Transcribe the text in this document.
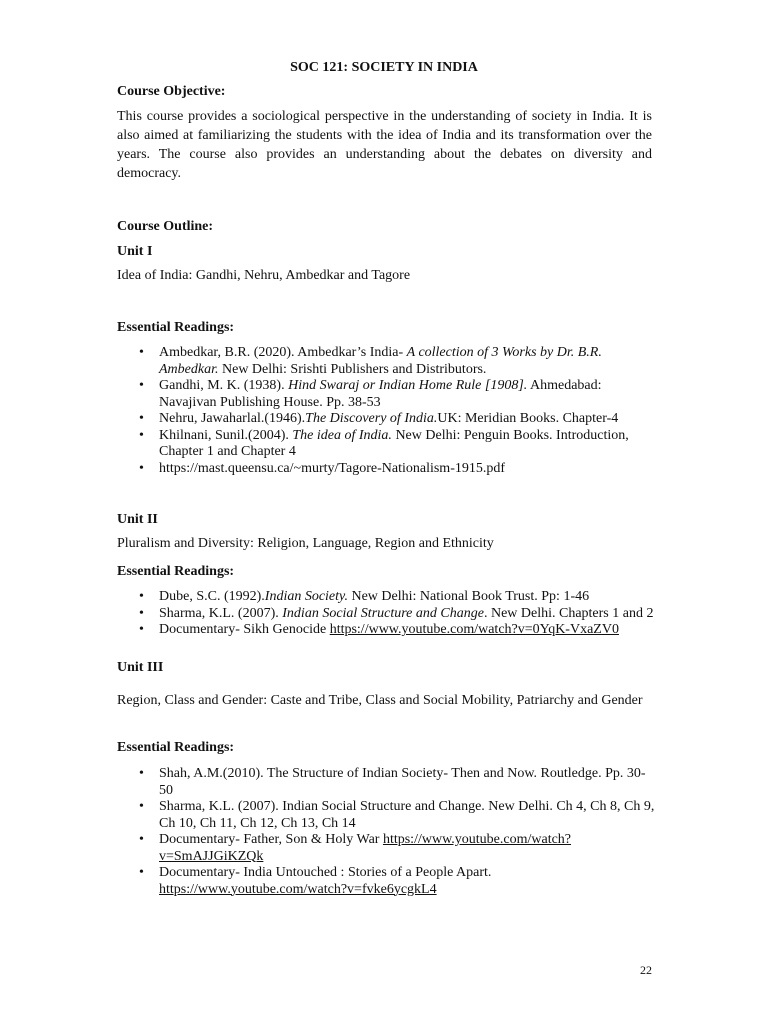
SOC 121: SOCIETY IN INDIA

Course Objective:

This course provides a sociological perspective in the understanding of society in India. It is also aimed at familiarizing the students with the idea of India and its transformation over the years. The course also provides an understanding about the debates on diversity and democracy.

Course Outline:

Unit I

Idea of India: Gandhi, Nehru, Ambedkar and Tagore

Essential Readings:

• Ambedkar, B.R. (2020). Ambedkar’s India- A collection of 3 Works by Dr. B.R. Ambedkar. New Delhi: Srishti Publishers and Distributors.
• Gandhi, M. K. (1938). Hind Swaraj or Indian Home Rule [1908]. Ahmedabad: Navajivan Publishing House. Pp. 38-53
• Nehru, Jawaharlal.(1946).The Discovery of India.UK: Meridian Books. Chapter-4
• Khilnani, Sunil.(2004). The idea of India. New Delhi: Penguin Books. Introduction, Chapter 1 and Chapter 4
• https://mast.queensu.ca/~murty/Tagore-Nationalism-1915.pdf

Unit II

Pluralism and Diversity: Religion, Language, Region and Ethnicity

Essential Readings:

• Dube, S.C. (1992).Indian Society. New Delhi: National Book Trust. Pp: 1-46
• Sharma, K.L. (2007). Indian Social Structure and Change. New Delhi. Chapters 1 and 2
• Documentary- Sikh Genocide https://www.youtube.com/watch?v=0YqK-VxaZV0

Unit III

Region, Class and Gender: Caste and Tribe, Class and Social Mobility, Patriarchy and Gender

Essential Readings:

• Shah, A.M.(2010). The Structure of Indian Society- Then and Now. Routledge. Pp. 30-50
• Sharma, K.L. (2007). Indian Social Structure and Change. New Delhi. Ch 4, Ch 8, Ch 9, Ch 10, Ch 11, Ch 12, Ch 13, Ch 14
• Documentary- Father, Son & Holy War https://www.youtube.com/watch?v=SmAJJGiKZQk
• Documentary- India Untouched : Stories of a People Apart. https://www.youtube.com/watch?v=fvke6ycgkL4

22
